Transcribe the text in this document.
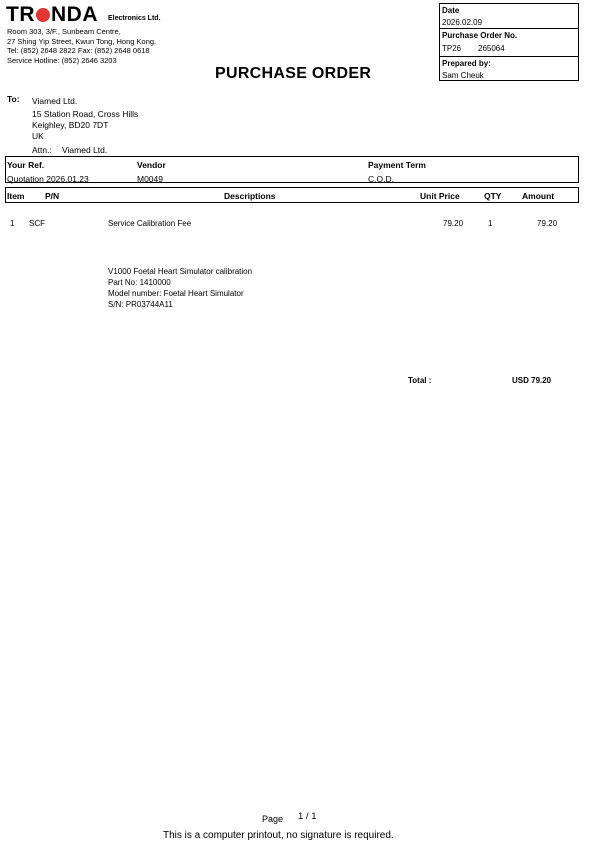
TR NDA Electronics Ltd.
Room 303, 3/F., Sunbeam Centre,
27 Shing Yip Street, Kwun Tong, Hong Kong.
Tel: (852) 2648 2822 Fax: (852) 2648 0618
Service Hotline: (852) 2646 3203
Date
2026.02.09
Purchase Order No.
TP26 265064
Prepared by:
Sam Cheuk
PURCHASE ORDER
To: Viamed Ltd.
15 Station Road, Cross Hills
Keighley, BD20 7DT
UK
Attn.: Viamed Ltd.
Your Ref.
Quotation 2026.01.23
Vendor
M0049
Payment Term
C.O.D.
Item P/N	Descriptions	Unit Price	QTY Amount
1 SCF	Service Calibration Fee	79.20	1	79.20
V1000 Foetal Heart Simulator calibration
Part No: 1410000
Model number: Foetal Heart Simulator
S/N: PR03744A11
Total :	USD 79.20
Page 1 / 1
This is a computer printout, no signature is required.
